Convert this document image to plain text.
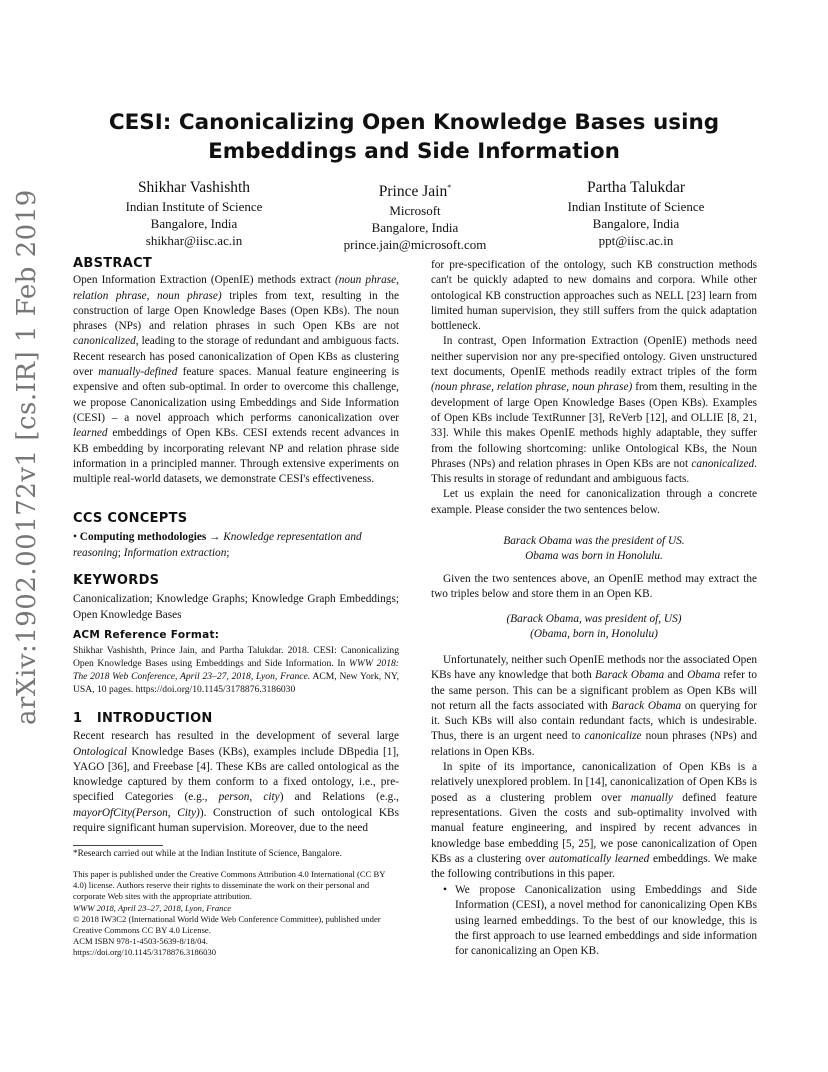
arXiv:1902.00172v1 [cs.IR] 1 Feb 2019
CESI: Canonicalizing Open Knowledge Bases using
Embeddings and Side Information
Shikhar Vashishth
Indian Institute of Science
Bangalore, India
shikhar@iisc.ac.in
Prince Jain*
Microsoft
Bangalore, India
prince.jain@microsoft.com
Partha Talukdar
Indian Institute of Science
Bangalore, India
ppt@iisc.ac.in
ABSTRACT

Open Information Extraction (OpenIE) methods extract (noun phrase, relation phrase, noun phrase) triples from text, resulting in the construction of large Open Knowledge Bases (Open KBs). The noun phrases (NPs) and relation phrases in such Open KBs are not canonicalized, leading to the storage of redundant and ambiguous facts. Recent research has posed canonicalization of Open KBs as clustering over manually-defined feature spaces. Manual feature engineering is expensive and often sub-optimal. In order to overcome this challenge, we propose Canonicalization using Embeddings and Side Information (CESI) – a novel approach which performs canonicalization over learned embeddings of Open KBs. CESI extends recent advances in KB embedding by incorporating relevant NP and relation phrase side information in a principled manner. Through extensive experiments on multiple real-world datasets, we demonstrate CESI's effectiveness.

CCS CONCEPTS

• Computing methodologies → Knowledge representation and reasoning; Information extraction;

KEYWORDS

Canonicalization; Knowledge Graphs; Knowledge Graph Embeddings; Open Knowledge Bases

ACM Reference Format:

Shikhar Vashishth, Prince Jain, and Partha Talukdar. 2018. CESI: Canonicalizing Open Knowledge Bases using Embeddings and Side Information. In WWW 2018: The 2018 Web Conference, April 23–27, 2018, Lyon, France. ACM, New York, NY, USA, 10 pages. https://doi.org/10.1145/3178876.3186030

1 INTRODUCTION

Recent research has resulted in the development of several large Ontological Knowledge Bases (KBs), examples include DBpedia [1], YAGO [36], and Freebase [4]. These KBs are called ontological as the knowledge captured by them conform to a fixed ontology, i.e., pre-specified Categories (e.g., person, city) and Relations (e.g., mayorOfCity(Person, City)). Construction of such ontological KBs require significant human supervision. Moreover, due to the need

*Research carried out while at the Indian Institute of Science, Bangalore.

This paper is published under the Creative Commons Attribution 4.0 International (CC BY 4.0) license. Authors reserve their rights to disseminate the work on their personal and corporate Web sites with the appropriate attribution.

WWW 2018, April 23–27, 2018, Lyon, France

© 2018 IW3C2 (International World Wide Web Conference Committee), published under Creative Commons CC BY 4.0 License.

ACM ISBN 978-1-4503-5639-8/18/04.

https://doi.org/10.1145/3178876.3186030

for pre-specification of the ontology, such KB construction methods can't be quickly adapted to new domains and corpora. While other ontological KB construction approaches such as NELL [23] learn from limited human supervision, they still suffers from the quick adaptation bottleneck.

In contrast, Open Information Extraction (OpenIE) methods need neither supervision nor any pre-specified ontology. Given unstructured text documents, OpenIE methods readily extract triples of the form (noun phrase, relation phrase, noun phrase) from them, resulting in the development of large Open Knowledge Bases (Open KBs). Examples of Open KBs include TextRunner [3], ReVerb [12], and OLLIE [8, 21, 33]. While this makes OpenIE methods highly adaptable, they suffer from the following shortcoming: unlike Ontological KBs, the Noun Phrases (NPs) and relation phrases in Open KBs are not canonicalized. This results in storage of redundant and ambiguous facts.

Let us explain the need for canonicalization through a concrete example. Please consider the two sentences below.

Barack Obama was the president of US.
Obama was born in Honolulu.

Given the two sentences above, an OpenIE method may extract the two triples below and store them in an Open KB.

(Barack Obama, was president of, US)
(Obama, born in, Honolulu)

Unfortunately, neither such OpenIE methods nor the associated Open KBs have any knowledge that both Barack Obama and Obama refer to the same person. This can be a significant problem as Open KBs will not return all the facts associated with Barack Obama on querying for it. Such KBs will also contain redundant facts, which is undesirable. Thus, there is an urgent need to canonicalize noun phrases (NPs) and relations in Open KBs.

In spite of its importance, canonicalization of Open KBs is a relatively unexplored problem. In [14], canonicalization of Open KBs is posed as a clustering problem over manually defined feature representations. Given the costs and sub-optimality involved with manual feature engineering, and inspired by recent advances in knowledge base embedding [5, 25], we pose canonicalization of Open KBs as a clustering over automatically learned embeddings. We make the following contributions in this paper.

• We propose Canonicalization using Embeddings and Side Information (CESI), a novel method for canonicalizing Open KBs using learned embeddings. To the best of our knowledge, this is the first approach to use learned embeddings and side information for canonicalizing an Open KB.
